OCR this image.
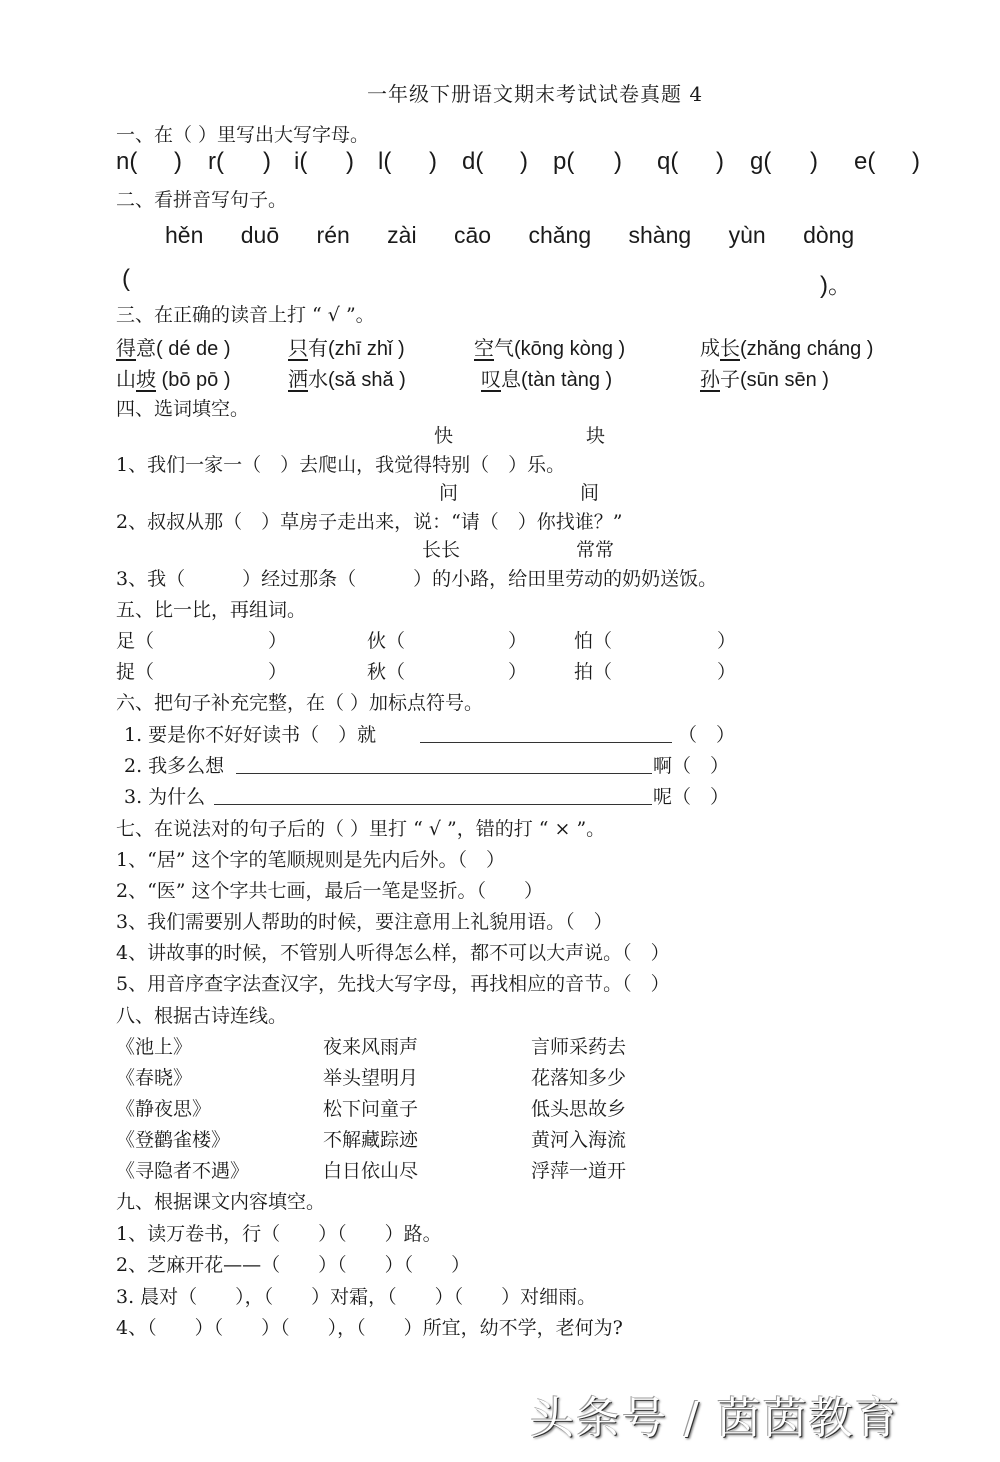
一年级下册语文期末考试试卷真题 4
一、在（ ）里写出大写字母。
n( ) r( ) i( ) l( ) d( ) p( ) q( ) g( ) e( )
二、看拼音写句子。
hěn duō rén zài cāo chǎng shàng yùn dòng
(	)。
三、在正确的读音上打 “ √ ”。
得意( dé de )	只有(zhī zhǐ )	空气(kōng kòng )	成长(zhǎng cháng )
山坡 (bō pō )	洒水(sǎ shǎ )	叹息(tàn tàng )	孙子(sūn sēn )
四、选词填空。
快	块
1、我们一家一（　）去爬山，我觉得特别（　）乐。
问	间
2、叔叔从那（　）草房子走出来，说：“请（　）你找谁？”
长长	常常
3、我（　　　）经过那条（　　　）的小路，给田里劳动的奶奶送饭。
五、比一比，再组词。
足（	）	伙（	） 怕（	）
捉（	）	秋（	） 拍（	）
六、把句子补充完整，在（ ）加标点符号。
1. 要是你不好好读书（　）就	（　）
2. 我多么想	啊（　）
3. 为什么	呢（　）
七、在说法对的句子后的（ ）里打 “ √ ”，错的打 “ × ”。
1、“居” 这个字的笔顺规则是先内后外。（　）
2、“医” 这个字共七画，最后一笔是竖折。（　　）
3、我们需要别人帮助的时候，要注意用上礼貌用语。（　）
4、讲故事的时候，不管别人听得怎么样，都不可以大声说。（　）
5、用音序查字法查汉字，先找大写字母，再找相应的音节。（　）
八、根据古诗连线。
《池上》	夜来风雨声	言师采药去
《春晓》	举头望明月	花落知多少
《静夜思》	松下问童子	低头思故乡
《登鹳雀楼》	不解藏踪迹	黄河入海流
《寻隐者不遇》	白日依山尽	浮萍一道开
九、根据课文内容填空。
1、读万卷书，行（　　）（　　）路。
2、芝麻开花——（　　）（　　）（　　）
3. 晨对（　　），（　　）对霜，（　　）（　　）对细雨。
4、（　　）（　　）（　　），（　　）所宜，幼不学，老何为?
头条号 / 茵茵教育
